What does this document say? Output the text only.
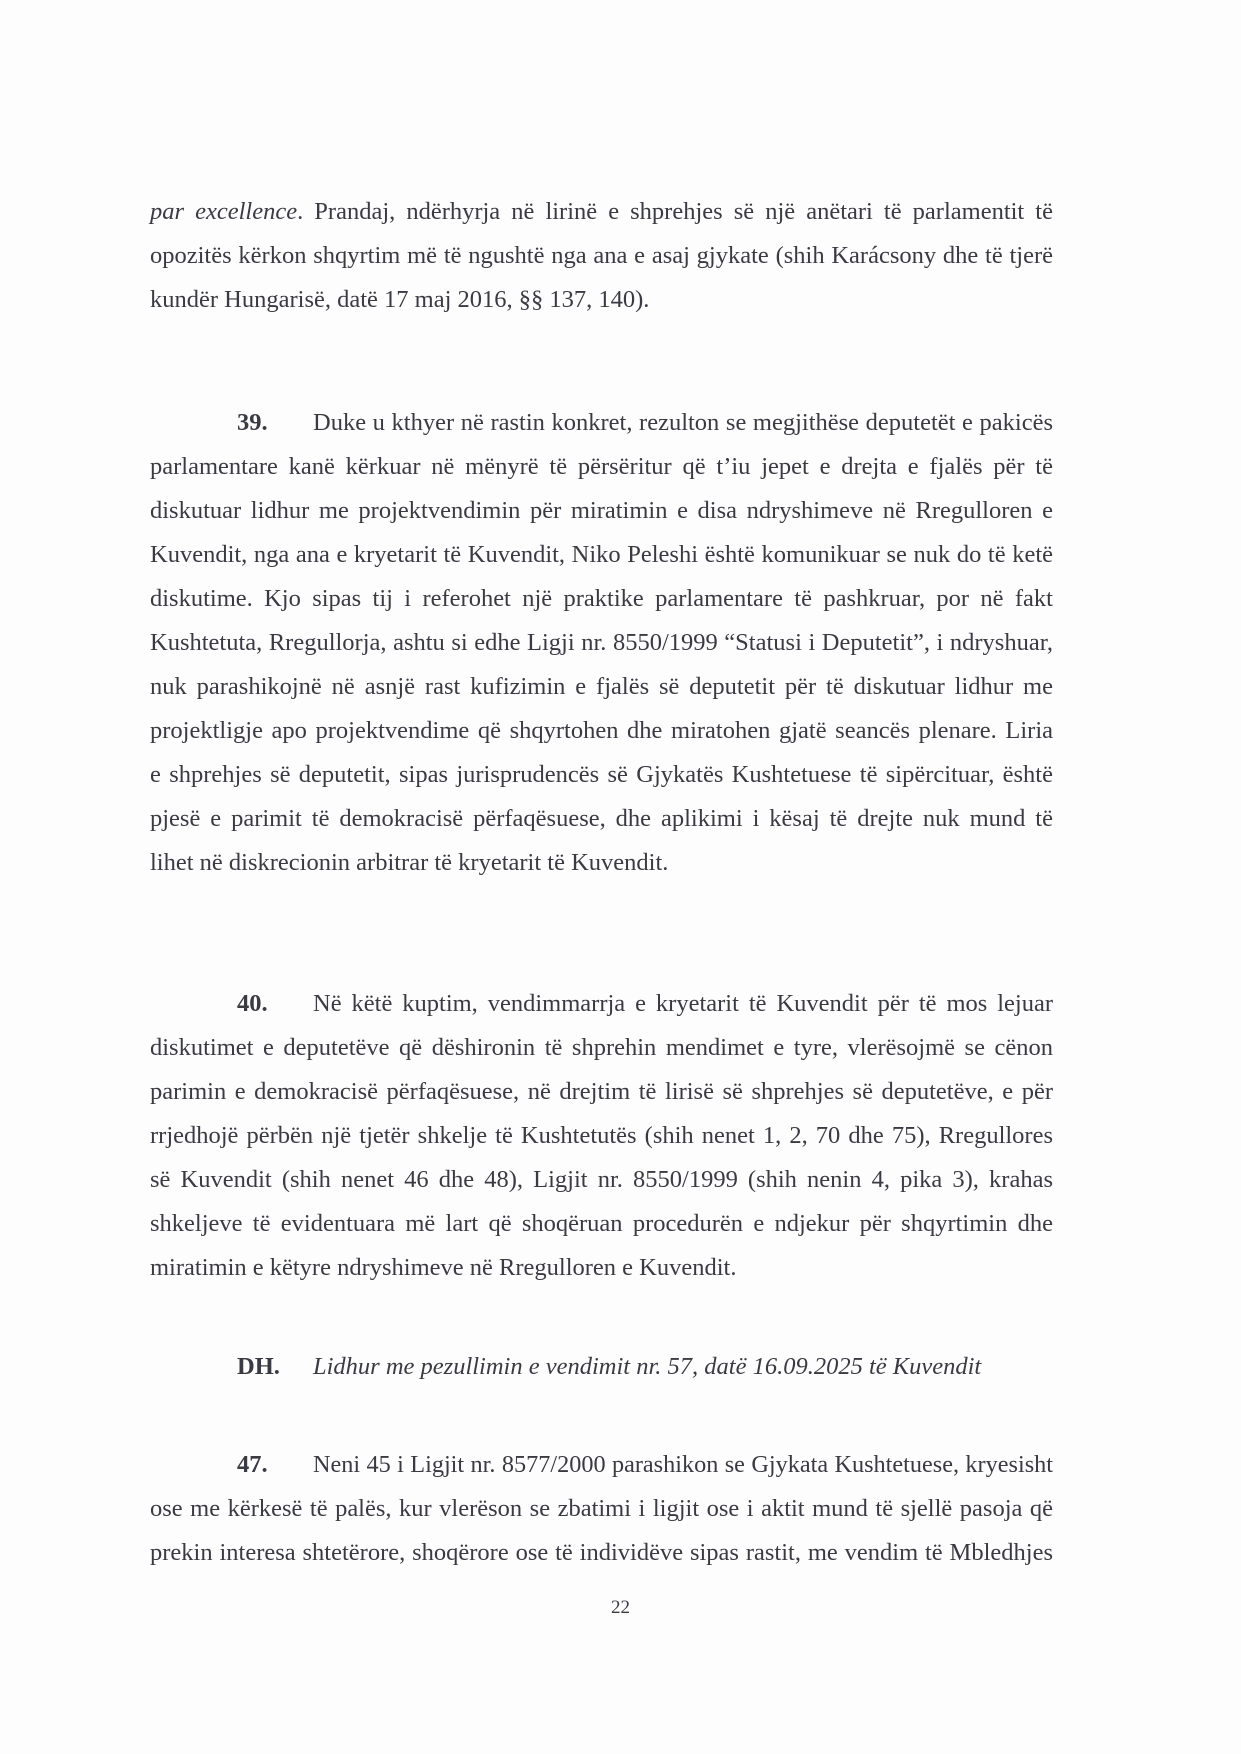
par excellence. Prandaj, ndërhyrja në lirinë e shprehjes së një anëtari të parlamentit të
opozitës kërkon shqyrtim më të ngushtë nga ana e asaj gjykate (shih Karácsony dhe të tjerë
kundër Hungarisë, datë 17 maj 2016, §§ 137, 140).
39. Duke u kthyer në rastin konkret, rezulton se megjithëse deputetët e pakicës
parlamentare kanë kërkuar në mënyrë të përsëritur që t’iu jepet e drejta e fjalës për të
diskutuar lidhur me projektvendimin për miratimin e disa ndryshimeve në Rregulloren e
Kuvendit, nga ana e kryetarit të Kuvendit, Niko Peleshi është komunikuar se nuk do të ketë
diskutime. Kjo sipas tij i referohet një praktike parlamentare të pashkruar, por në fakt
Kushtetuta, Rregullorja, ashtu si edhe Ligji nr. 8550/1999 “Statusi i Deputetit”, i ndryshuar,
nuk parashikojnë në asnjë rast kufizimin e fjalës së deputetit për të diskutuar lidhur me
projektligje apo projektvendime që shqyrtohen dhe miratohen gjatë seancës plenare. Liria
e shprehjes së deputetit, sipas jurisprudencës së Gjykatës Kushtetuese të sipërcituar, është
pjesë e parimit të demokracisë përfaqësuese, dhe aplikimi i kësaj të drejte nuk mund të
lihet në diskrecionin arbitrar të kryetarit të Kuvendit.
40. Në këtë kuptim, vendimmarrja e kryetarit të Kuvendit për të mos lejuar
diskutimet e deputetëve që dëshironin të shprehin mendimet e tyre, vlerësojmë se cënon
parimin e demokracisë përfaqësuese, në drejtim të lirisë së shprehjes së deputetëve, e për
rrjedhojë përbën një tjetër shkelje të Kushtetutës (shih nenet 1, 2, 70 dhe 75), Rregullores
së Kuvendit (shih nenet 46 dhe 48), Ligjit nr. 8550/1999 (shih nenin 4, pika 3), krahas
shkeljeve të evidentuara më lart që shoqëruan procedurën e ndjekur për shqyrtimin dhe
miratimin e këtyre ndryshimeve në Rregulloren e Kuvendit.
DH. Lidhur me pezullimin e vendimit nr. 57, datë 16.09.2025 të Kuvendit
47. Neni 45 i Ligjit nr. 8577/2000 parashikon se Gjykata Kushtetuese, kryesisht
ose me kërkesë të palës, kur vlerëson se zbatimi i ligjit ose i aktit mund të sjellë pasoja që
prekin interesa shtetërore, shoqërore ose të individëve sipas rastit, me vendim të Mbledhjes
22
